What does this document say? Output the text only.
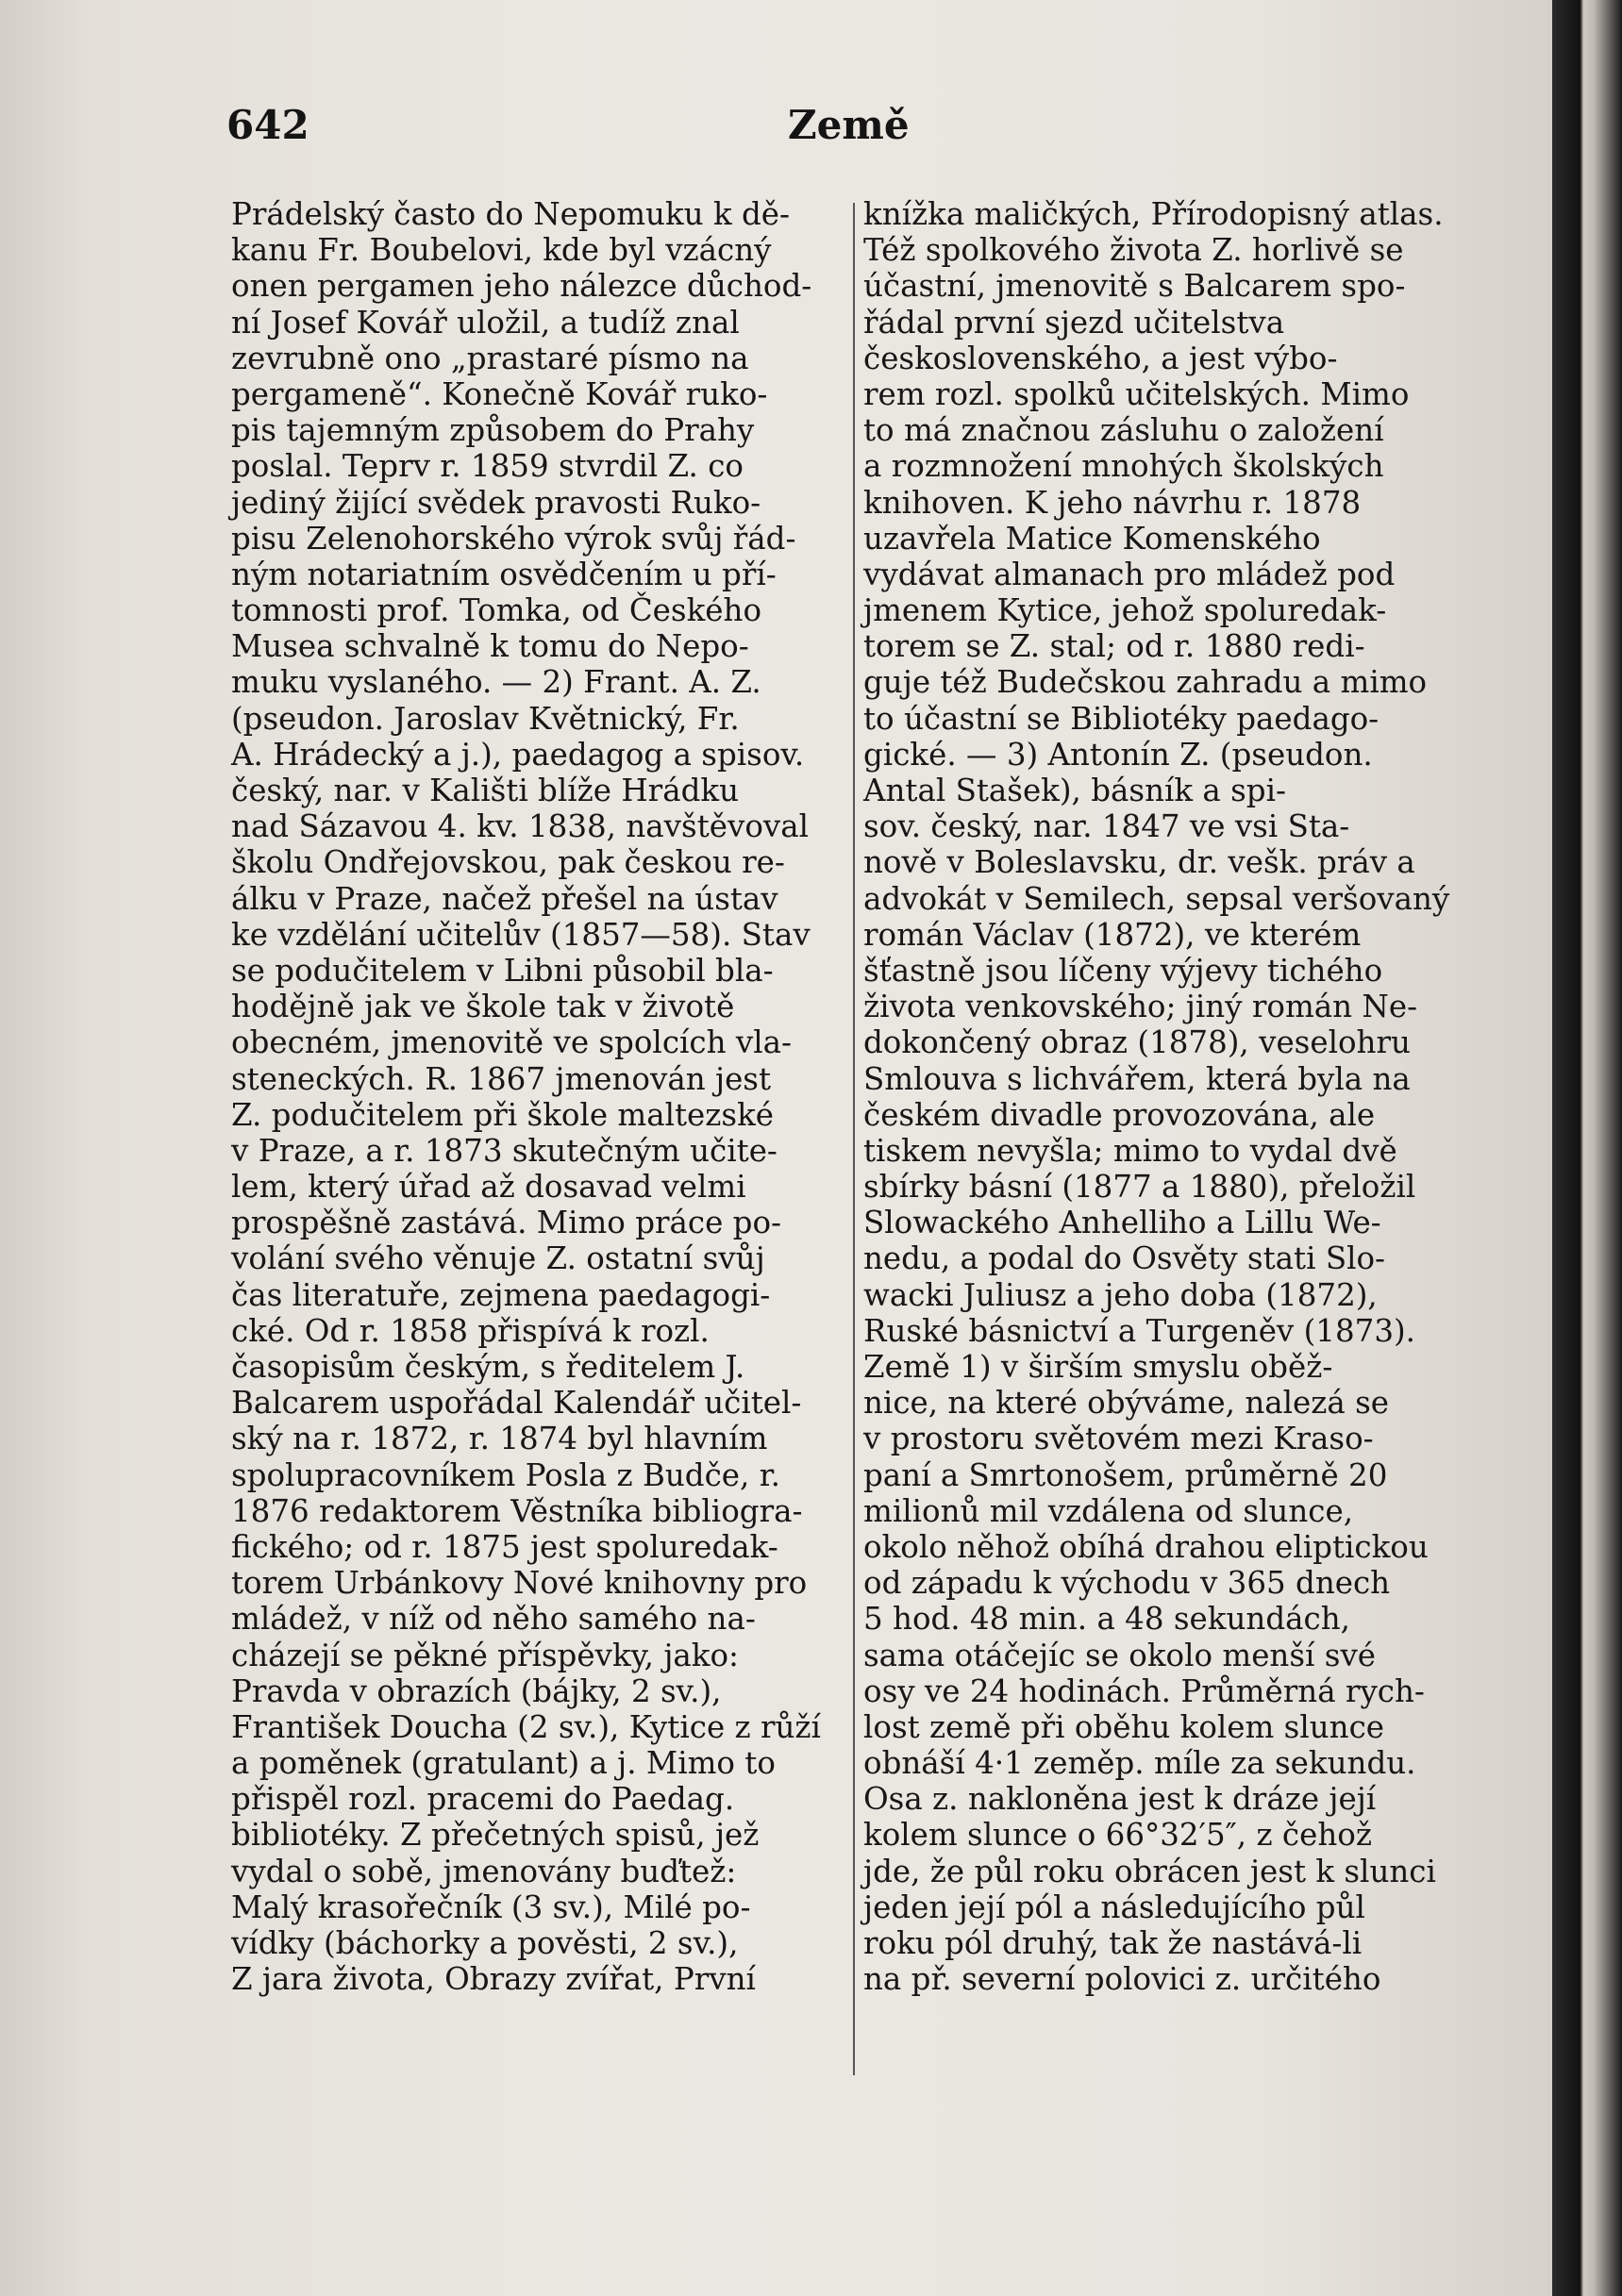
642	Země
Prádelský často do Nepomuku k dě-
kanu Fr. Boubelovi, kde byl vzácný
onen pergamen jeho nálezce důchod-
ní Josef Kovář uložil, a tudíž znal
zevrubně ono „prastaré písmo na
pergameně“. Konečně Kovář ruko-
pis tajemným způsobem do Prahy
poslal. Teprv r. 1859 stvrdil Z. co
jediný žijící svědek pravosti Ruko-
pisu Zelenohorského výrok svůj řád-
ným notariatním osvědčením u pří-
tomnosti prof. Tomka, od Českého
Musea schvalně k tomu do Nepo-
muku vyslaného. — 2) Frant. A. Z.
(pseudon. Jaroslav Květnický, Fr.
A. Hrádecký a j.), paedagog a spisov.
český, nar. v Kališti blíže Hrádku
nad Sázavou 4. kv. 1838, navštěvoval
školu Ondřejovskou, pak českou re-
álku v Praze, načež přešel na ústav
ke vzdělání učitelův (1857—58). Stav
se podučitelem v Libni působil bla-
hodějně jak ve škole tak v životě
obecném, jmenovitě ve spolcích vla-
steneckých. R. 1867 jmenován jest
Z. podučitelem při škole maltezské
v Praze, a r. 1873 skutečným učite-
lem, který úřad až dosavad velmi
prospěšně zastává. Mimo práce po-
volání svého věnuje Z. ostatní svůj
čas literatuře, zejmena paedagogi-
cké. Od r. 1858 přispívá k rozl.
časopisům českým, s ředitelem J.
Balcarem uspořádal Kalendář učitel-
ský na r. 1872, r. 1874 byl hlavním
spolupracovníkem Posla z Budče, r.
1876 redaktorem Věstníka bibliogra-
fického; od r. 1875 jest spoluredak-
torem Urbánkovy Nové knihovny pro
mládež, v níž od něho samého na-
cházejí se pěkné příspěvky, jako:
Pravda v obrazích (bájky, 2 sv.),
František Doucha (2 sv.), Kytice z růží
a poměnek (gratulant) a j. Mimo to
přispěl rozl. pracemi do Paedag.
bibliotéky. Z přečetných spisů, jež
vydal o sobě, jmenovány buďtež:
Malý krasořečník (3 sv.), Milé po-
vídky (báchorky a pověsti, 2 sv.),
Z jara života, Obrazy zvířat, První
knížka maličkých, Přírodopisný atlas.
Též spolkového života Z. horlivě se
účastní, jmenovitě s Balcarem spo-
řádal první sjezd učitelstva
československého, a jest výbo-
rem rozl. spolků učitelských. Mimo
to má značnou zásluhu o založení
a rozmnožení mnohých školských
knihoven. K jeho návrhu r. 1878
uzavřela Matice Komenského
vydávat almanach pro mládež pod
jmenem Kytice, jehož spoluredak-
torem se Z. stal; od r. 1880 redi-
guje též Budečskou zahradu a mimo
to účastní se Bibliotéky paedago-
gické. — 3) Antonín Z. (pseudon.
Antal Stašek), básník a spi-
sov. český, nar. 1847 ve vsi Sta-
nově v Boleslavsku, dr. vešk. práv a
advokát v Semilech, sepsal veršovaný
román Václav (1872), ve kterém
šťastně jsou líčeny výjevy tichého
života venkovského; jiný román Ne-
dokončený obraz (1878), veselohru
Smlouva s lichvářem, která byla na
českém divadle provozována, ale
tiskem nevyšla; mimo to vydal dvě
sbírky básní (1877 a 1880), přeložil
Slowackého Anhelliho a Lillu We-
nedu, a podal do Osvěty stati Slo-
wacki Juliusz a jeho doba (1872),
Ruské básnictví a Turgeněv (1873).
Země 1) v širším smyslu oběž-
nice, na které obýváme, nalezá se
v prostoru světovém mezi Kraso-
paní a Smrtonošem, průměrně 20
milionů mil vzdálena od slunce,
okolo něhož obíhá drahou eliptickou
od západu k východu v 365 dnech
5 hod. 48 min. a 48 sekundách,
sama otáčejíc se okolo menší své
osy ve 24 hodinách. Průměrná rych-
lost země při oběhu kolem slunce
obnáší 4·1 zeměp. míle za sekundu.
Osa z. nakloněna jest k dráze její
kolem slunce o 66°32′5″, z čehož
jde, že půl roku obrácen jest k slunci
jeden její pól a následujícího půl
roku pól druhý, tak že nastává-li
na př. severní polovici z. určitého
